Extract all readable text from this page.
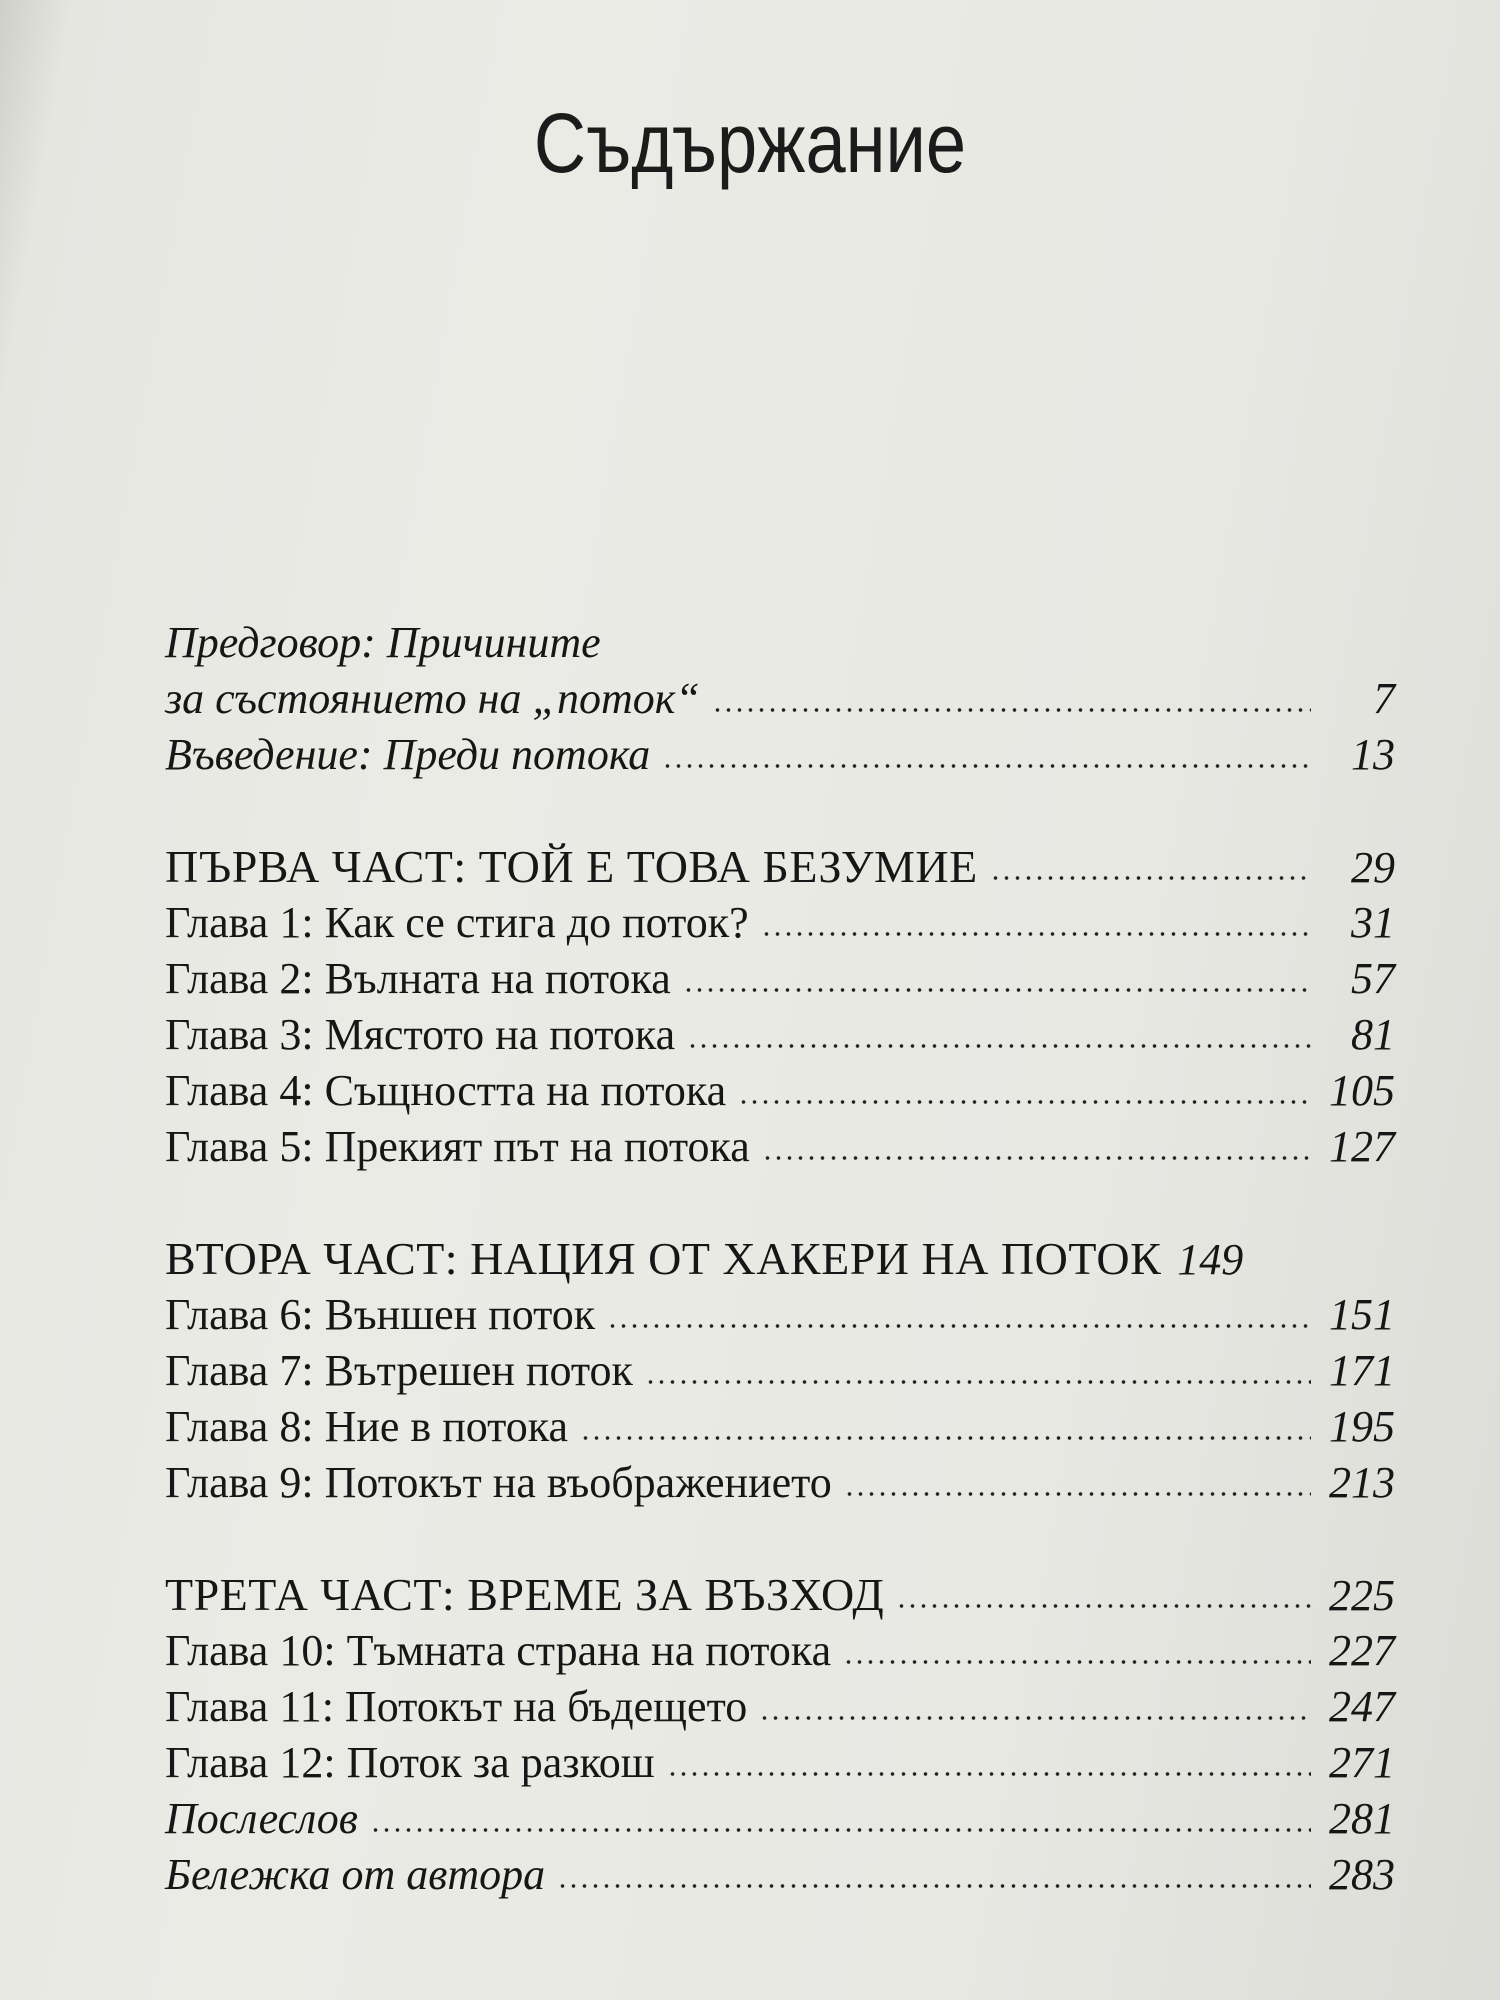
Съдържание
Предговор: Причините
за състоянието на „поток“	7
Въведение: Преди потока	13
ПЪРВА ЧАСТ: ТОЙ Е ТОВА БЕЗУМИЕ	29
Глава 1: Как се стига до поток?	31
Глава 2: Вълната на потока	57
Глава 3: Мястото на потока	81
Глава 4: Същността на потока	105
Глава 5: Прекият път на потока	127
ВТОРА ЧАСТ: НАЦИЯ ОТ ХАКЕРИ НА ПОТОК 149
Глава 6: Външен поток	151
Глава 7: Вътрешен поток	171
Глава 8: Ние в потока	195
Глава 9: Потокът на въображението	213
ТРЕТА ЧАСТ: ВРЕМЕ ЗА ВЪЗХОД	225
Глава 10: Тъмната страна на потока	227
Глава 11: Потокът на бъдещето	247
Глава 12: Поток за разкош	271
Послеслов	281
Бележка от автора	283
